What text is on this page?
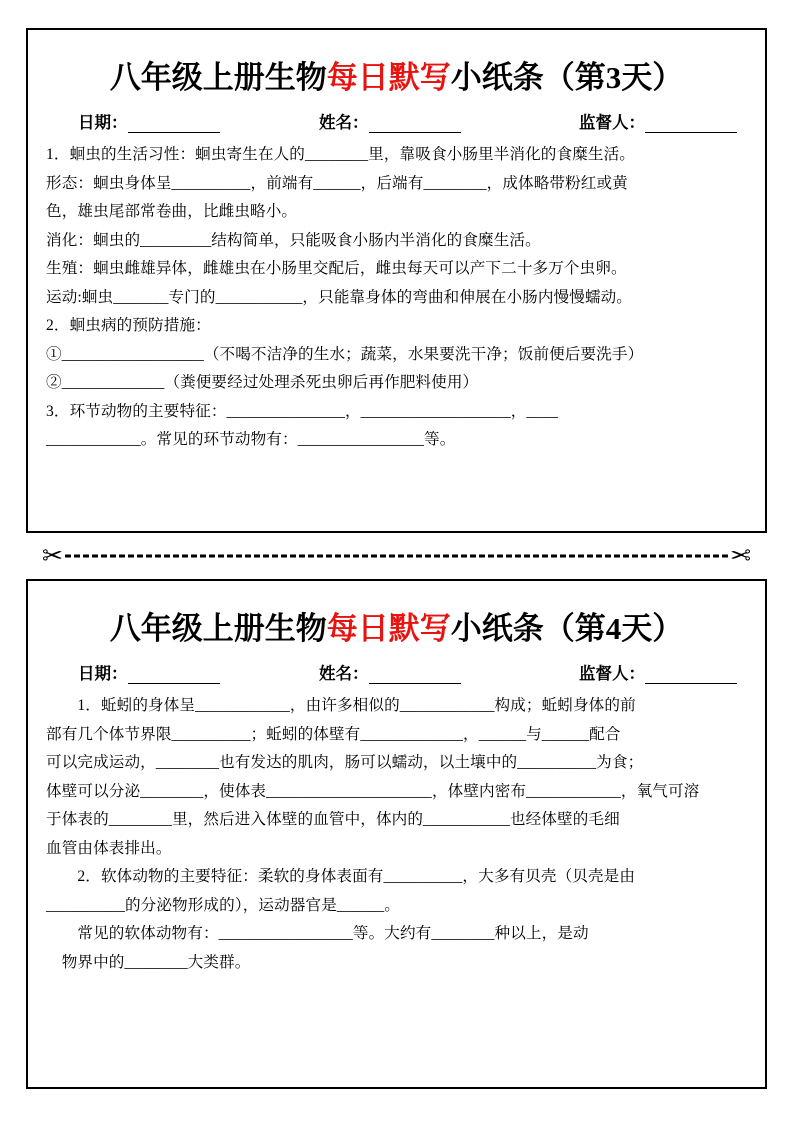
八年级上册生物每日默写小纸条（第3天）
日期：	姓名：	监督人：

1．蛔虫的生活习性：蛔虫寄生在人的________里，靠吸食小肠里半消化的食糜生活。

形态：蛔虫身体呈__________，前端有______，后端有________，成体略带粉红或黄

色，雄虫尾部常卷曲，比雌虫略小。

消化：蛔虫的_________结构简单，只能吸食小肠内半消化的食糜生活。

生殖：蛔虫雌雄异体，雌雄虫在小肠里交配后，雌虫每天可以产下二十多万个虫卵。

运动:蛔虫_______专门的___________，只能靠身体的弯曲和伸展在小肠内慢慢蠕动。

2．蛔虫病的预防措施：

①__________________（不喝不洁净的生水；蔬菜，水果要洗干净；饭前便后要洗手）

②_____________（粪便要经过处理杀死虫卵后再作肥料使用）

3．环节动物的主要特征：_______________，___________________，____

____________。常见的环节动物有：________________等。

✂	✂
八年级上册生物每日默写小纸条（第4天）
日期：	姓名：	监督人：

　　1．蚯蚓的身体呈____________，由许多相似的____________构成；蚯蚓身体的前

部有几个体节界限__________；蚯蚓的体壁有_____________，______与______配合

可以完成运动，________也有发达的肌肉，肠可以蠕动，以土壤中的__________为食；

体壁可以分泌________，使体表_____________________，体壁内密布____________，氧气可溶

于体表的________里，然后进入体壁的血管中，体内的___________也经体壁的毛细

血管由体表排出。

　　2．软体动物的主要特征：柔软的身体表面有__________，大多有贝壳（贝壳是由

__________的分泌物形成的），运动器官是______。

　　常见的软体动物有：_________________等。大约有________种以上，是动

　物界中的________大类群。
